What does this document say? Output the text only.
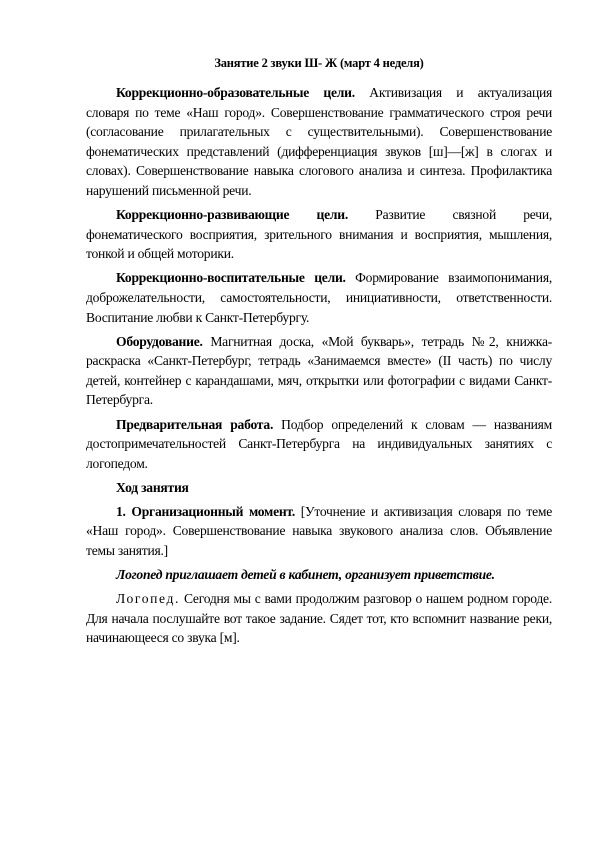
Занятие 2 звуки Ш- Ж (март 4 неделя)

Коррекционно-образовательные цели. Активизация и актуализация словаря по теме «Наш город». Совершенствование грамматического строя речи (согласование прилагательных с существительными). Совершенствование фонематических представлений (дифференциация звуков [ш]—[ж] в слогах и словах). Совершенствование навыка слогового анализа и синтеза. Профилактика нарушений письменной речи.

Коррекционно-развивающие цели. Развитие связной речи, фонематического восприятия, зрительного внимания и восприятия, мышления, тонкой и общей моторики.

Коррекционно-воспитательные цели. Формирование взаимопонимания, доброжелательности, самостоятельности, инициативности, ответственности. Воспитание любви к Санкт-Петербургу.

Оборудование. Магнитная доска, «Мой букварь», тетрадь №2, книжка-раскраска «Санкт-Петербург, тетрадь «Занимаемся вместе» (II часть) по числу детей, контейнер с карандашами, мяч, открытки или фотографии с видами Санкт-Петербурга.

Предварительная работа. Подбор определений к словам — названиям достопримечательностей Санкт-Петербурга на индивидуальных занятиях с логопедом.

Ход занятия

1. Организационный момент. [Уточнение и активизация словаря по теме «Наш город». Совершенствование навыка звукового анализа слов. Объявление темы занятия.]

Логопед приглашает детей в кабинет, организует приветствие.

Логопед. Сегодня мы с вами продолжим разговор о нашем родном городе. Для начала послушайте вот такое задание. Сядет тот, кто вспомнит название реки, начинающееся со звука [м].
